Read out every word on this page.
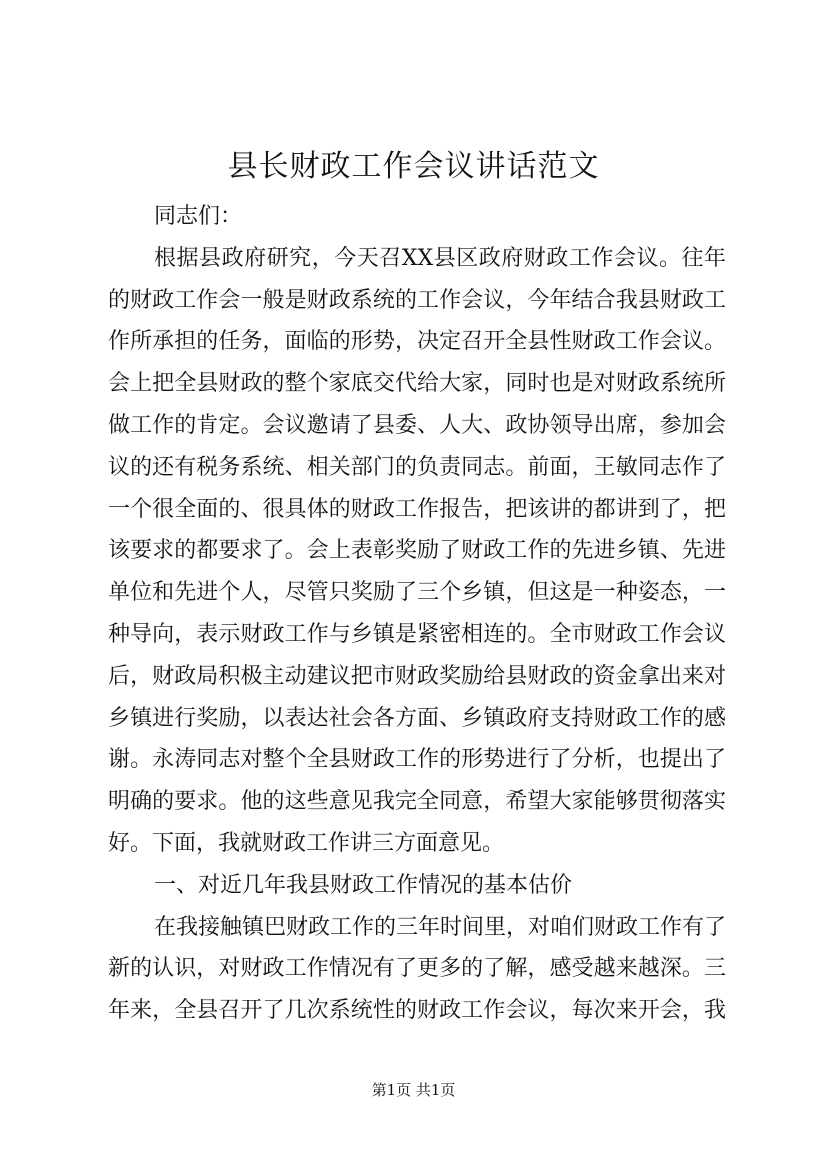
县长财政工作会议讲话范文
同志们：
根据县政府研究，今天召XX县区政府财政工作会议。往年
的财政工作会一般是财政系统的工作会议，今年结合我县财政工
作所承担的任务，面临的形势，决定召开全县性财政工作会议。
会上把全县财政的整个家底交代给大家，同时也是对财政系统所
做工作的肯定。会议邀请了县委、人大、政协领导出席，参加会
议的还有税务系统、相关部门的负责同志。前面，王敏同志作了
一个很全面的、很具体的财政工作报告，把该讲的都讲到了，把
该要求的都要求了。会上表彰奖励了财政工作的先进乡镇、先进
单位和先进个人，尽管只奖励了三个乡镇，但这是一种姿态，一
种导向，表示财政工作与乡镇是紧密相连的。全市财政工作会议
后，财政局积极主动建议把市财政奖励给县财政的资金拿出来对
乡镇进行奖励，以表达社会各方面、乡镇政府支持财政工作的感
谢。永涛同志对整个全县财政工作的形势进行了分析，也提出了
明确的要求。他的这些意见我完全同意，希望大家能够贯彻落实
好。下面，我就财政工作讲三方面意见。
一、对近几年我县财政工作情况的基本估价
在我接触镇巴财政工作的三年时间里，对咱们财政工作有了
新的认识，对财政工作情况有了更多的了解，感受越来越深。三
年来，全县召开了几次系统性的财政工作会议，每次来开会，我
第1页 共1页
